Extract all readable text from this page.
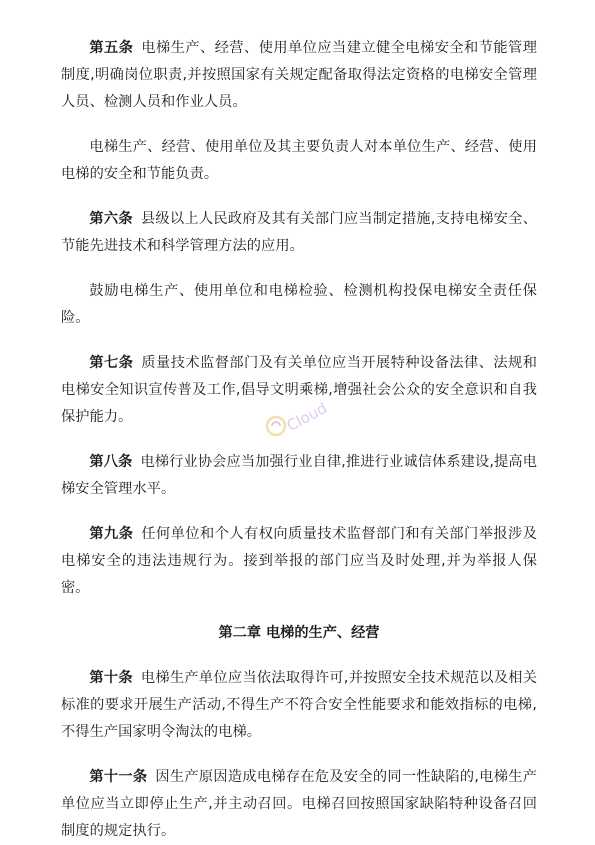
第五条 电梯生产、经营、使用单位应当建立健全电梯安全和节能管理制度,明确岗位职责,并按照国家有关规定配备取得法定资格的电梯安全管理人员、检测人员和作业人员。

电梯生产、经营、使用单位及其主要负责人对本单位生产、经营、使用电梯的安全和节能负责。

第六条 县级以上人民政府及其有关部门应当制定措施,支持电梯安全、节能先进技术和科学管理方法的应用。

鼓励电梯生产、使用单位和电梯检验、检测机构投保电梯安全责任保险。

第七条 质量技术监督部门及有关单位应当开展特种设备法律、法规和电梯安全知识宣传普及工作,倡导文明乘梯,增强社会公众的安全意识和自我保护能力。

第八条 电梯行业协会应当加强行业自律,推进行业诚信体系建设,提高电梯安全管理水平。

第九条 任何单位和个人有权向质量技术监督部门和有关部门举报涉及电梯安全的违法违规行为。接到举报的部门应当及时处理,并为举报人保密。

第二章 电梯的生产、经营

第十条 电梯生产单位应当依法取得许可,并按照安全技术规范以及相关标准的要求开展生产活动,不得生产不符合安全性能要求和能效指标的电梯,不得生产国家明令淘汰的电梯。

第十一条 因生产原因造成电梯存在危及安全的同一性缺陷的,电梯生产单位应当立即停止生产,并主动召回。电梯召回按照国家缺陷特种设备召回制度的规定执行。

Cloud
